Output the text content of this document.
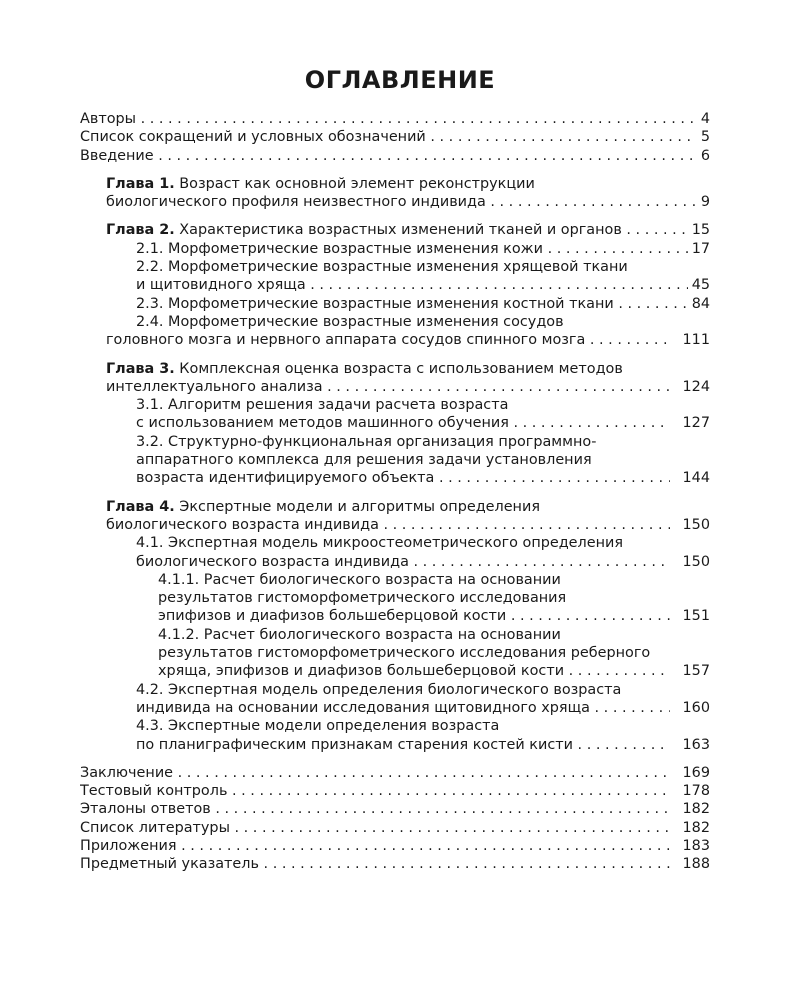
ОГЛАВЛЕНИЕ
Авторы . . .	4
Список сокращений и условных обозначений . . .	5
Введение . . .	6
Глава 1. Возраст как основной элемент реконструкции
биологического профиля неизвестного индивида . . .	9
Глава 2. Характеристика возрастных изменений тканей и органов . . .	15
2.1. Морфометрические возрастные изменения кожи . . .	17
2.2. Морфометрические возрастные изменения хрящевой ткани
и щитовидного хряща . . .	45
2.3. Морфометрические возрастные изменения костной ткани . . .	84
2.4. Морфометрические возрастные изменения сосудов
головного мозга и нервного аппарата сосудов спинного мозга . . .	111
Глава 3. Комплексная оценка возраста с использованием методов
интеллектуального анализа . . .	124
3.1. Алгоритм решения задачи расчета возраста
с использованием методов машинного обучения . . .	127
3.2. Структурно-функциональная организация программно-
аппаратного комплекса для решения задачи установления
возраста идентифицируемого объекта . . .	144
Глава 4. Экспертные модели и алгоритмы определения
биологического возраста индивида . . .	150
4.1. Экспертная модель микроостеометрического определения
биологического возраста индивида . . .	150
4.1.1. Расчет биологического возраста на основании
результатов гистоморфометрического исследования
эпифизов и диафизов большеберцовой кости . . .	151
4.1.2. Расчет биологического возраста на основании
результатов гистоморфометрического исследования реберного
хряща, эпифизов и диафизов большеберцовой кости . . .	157
4.2. Экспертная модель определения биологического возраста
индивида на основании исследования щитовидного хряща . . .	160
4.3. Экспертные модели определения возраста
по планиграфическим признакам старения костей кисти . . .	163
Заключение . . .	169
Тестовый контроль . . .	178
Эталоны ответов . . .	182
Список литературы . . .	182
Приложения . . .	183
Предметный указатель . . .	188
